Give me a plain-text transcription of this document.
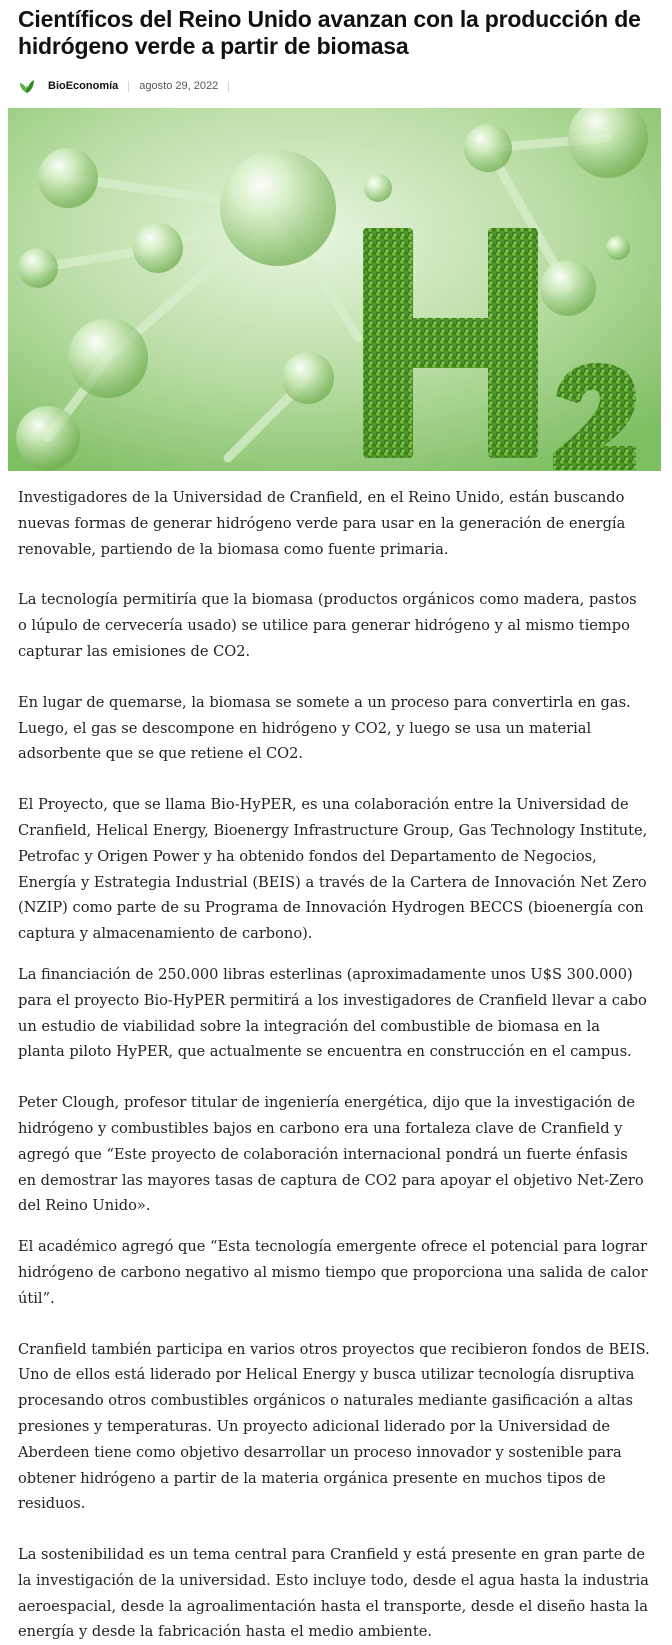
Científicos del Reino Unido avanzan con la producción de hidrógeno verde a partir de biomasa
BioEconomía agosto 29, 2022

Investigadores de la Universidad de Cranfield, en el Reino Unido, están buscando nuevas formas de generar hidrógeno verde para usar en la generación de energía renovable, partiendo de la biomasa como fuente primaria.

La tecnología permitiría que la biomasa (productos orgánicos como madera, pastos o lúpulo de cervecería usado) se utilice para generar hidrógeno y al mismo tiempo capturar las emisiones de CO2.

En lugar de quemarse, la biomasa se somete a un proceso para convertirla en gas. Luego, el gas se descompone en hidrógeno y CO2, y luego se usa un material adsorbente que se que retiene el CO2.

El Proyecto, que se llama Bio-HyPER, es una colaboración entre la Universidad de Cranfield, Helical Energy, Bioenergy Infrastructure Group, Gas Technology Institute, Petrofac y Origen Power y ha obtenido fondos del Departamento de Negocios, Energía y Estrategia Industrial (BEIS) a través de la Cartera de Innovación Net Zero (NZIP) como parte de su Programa de Innovación Hydrogen BECCS (bioenergía con captura y almacenamiento de carbono).

La financiación de 250.000 libras esterlinas (aproximadamente unos U$S 300.000) para el proyecto Bio-HyPER permitirá a los investigadores de Cranfield llevar a cabo un estudio de viabilidad sobre la integración del combustible de biomasa en la planta piloto HyPER, que actualmente se encuentra en construcción en el campus.

Peter Clough, profesor titular de ingeniería energética, dijo que la investigación de hidrógeno y combustibles bajos en carbono era una fortaleza clave de Cranfield y agregó que “Este proyecto de colaboración internacional pondrá un fuerte énfasis en demostrar las mayores tasas de captura de CO2 para apoyar el objetivo Net-Zero del Reino Unido».

El académico agregó que “Esta tecnología emergente ofrece el potencial para lograr hidrógeno de carbono negativo al mismo tiempo que proporciona una salida de calor útil”.

Cranfield también participa en varios otros proyectos que recibieron fondos de BEIS. Uno de ellos está liderado por Helical Energy y busca utilizar tecnología disruptiva procesando otros combustibles orgánicos o naturales mediante gasificación a altas presiones y temperaturas. Un proyecto adicional liderado por la Universidad de Aberdeen tiene como objetivo desarrollar un proceso innovador y sostenible para obtener hidrógeno a partir de la materia orgánica presente en muchos tipos de residuos.

La sostenibilidad es un tema central para Cranfield y está presente en gran parte de la investigación de la universidad. Esto incluye todo, desde el agua hasta la industria aeroespacial, desde la agroalimentación hasta el transporte, desde el diseño hasta la energía y desde la fabricación hasta el medio ambiente.
